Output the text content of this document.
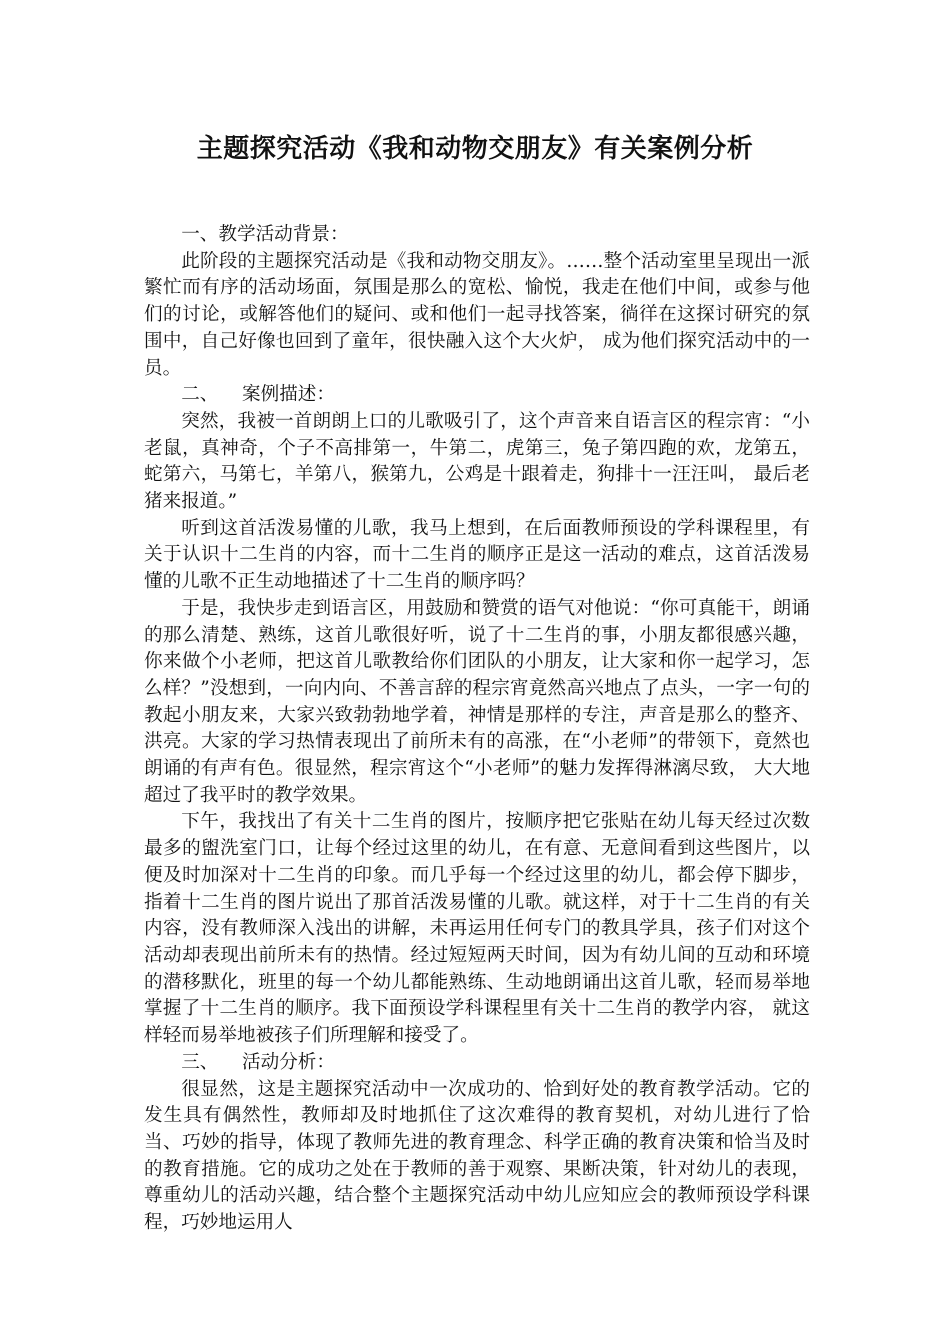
主题探究活动《我和动物交朋友》有关案例分析

一、教学活动背景：

此阶段的主题探究活动是《我和动物交朋友》。……整个活动室里呈现出一派繁忙而有序的活动场面，氛围是那么的宽松、愉悦，我走在他们中间，或参与他们的讨论，或解答他们的疑问、或和他们一起寻找答案，徜徉在这探讨研究的氛围中，自己好像也回到了童年，很快融入这个大火炉， 成为他们探究活动中的一员。

二、    案例描述：

突然，我被一首朗朗上口的儿歌吸引了，这个声音来自语言区的程宗宵：“小老鼠，真神奇，个子不高排第一，牛第二，虎第三，兔子第四跑的欢，龙第五，蛇第六，马第七，羊第八，猴第九，公鸡是十跟着走，狗排十一汪汪叫， 最后老猪来报道。”

听到这首活泼易懂的儿歌，我马上想到，在后面教师预设的学科课程里，有关于认识十二生肖的内容，而十二生肖的顺序正是这一活动的难点，这首活泼易懂的儿歌不正生动地描述了十二生肖的顺序吗？

于是，我快步走到语言区，用鼓励和赞赏的语气对他说：“你可真能干，朗诵的那么清楚、熟练，这首儿歌很好听，说了十二生肖的事，小朋友都很感兴趣，你来做个小老师，把这首儿歌教给你们团队的小朋友，让大家和你一起学习，怎么样？”没想到，一向内向、不善言辞的程宗宵竟然高兴地点了点头，一字一句的教起小朋友来，大家兴致勃勃地学着，神情是那样的专注，声音是那么的整齐、洪亮。大家的学习热情表现出了前所未有的高涨，在“小老师”的带领下，竟然也朗诵的有声有色。很显然，程宗宵这个“小老师”的魅力发挥得淋漓尽致， 大大地超过了我平时的教学效果。

下午，我找出了有关十二生肖的图片，按顺序把它张贴在幼儿每天经过次数最多的盥洗室门口，让每个经过这里的幼儿，在有意、无意间看到这些图片，以便及时加深对十二生肖的印象。而几乎每一个经过这里的幼儿，都会停下脚步，指着十二生肖的图片说出了那首活泼易懂的儿歌。就这样，对于十二生肖的有关内容，没有教师深入浅出的讲解，未再运用任何专门的教具学具，孩子们对这个活动却表现出前所未有的热情。经过短短两天时间，因为有幼儿间的互动和环境的潜移默化，班里的每一个幼儿都能熟练、生动地朗诵出这首儿歌，轻而易举地掌握了十二生肖的顺序。我下面预设学科课程里有关十二生肖的教学内容， 就这样轻而易举地被孩子们所理解和接受了。

三、    活动分析：

很显然，这是主题探究活动中一次成功的、恰到好处的教育教学活动。它的发生具有偶然性，教师却及时地抓住了这次难得的教育契机，对幼儿进行了恰当、巧妙的指导，体现了教师先进的教育理念、科学正确的教育决策和恰当及时的教育措施。它的成功之处在于教师的善于观察、果断决策，针对幼儿的表现，尊重幼儿的活动兴趣，结合整个主题探究活动中幼儿应知应会的教师预设学科课程，巧妙地运用人
